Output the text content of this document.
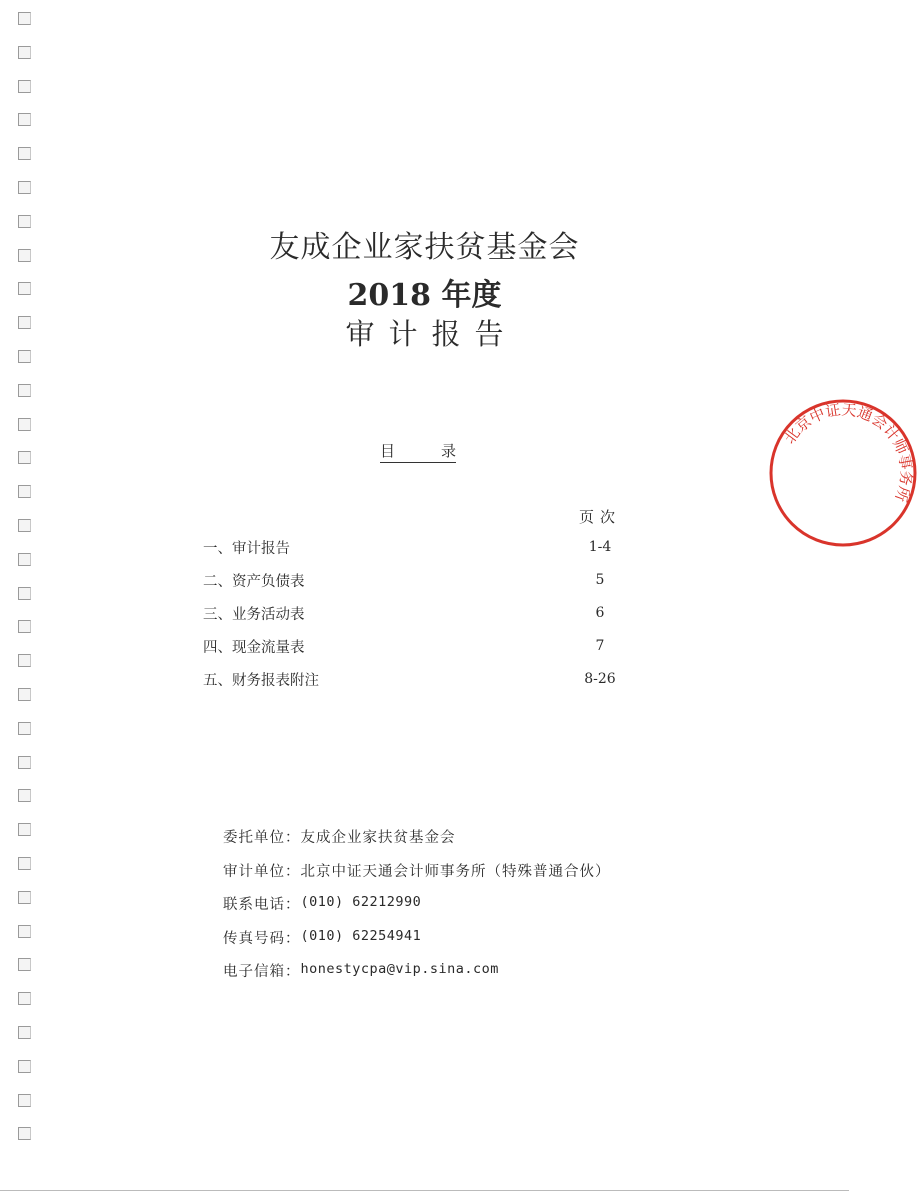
友成企业家扶贫基金会
2018 年度
审计报告
目	录
页次
一、审计报告	1-4
二、资产负债表	5
三、业务活动表	6
四、现金流量表	7
五、财务报表附注	8-26
委托单位： 友成企业家扶贫基金会
审计单位： 北京中证天通会计师事务所（特殊普通合伙）
联系电话： (010) 62212990
传真号码： (010) 62254941
电子信箱： honestycpa@vip.sina.com
北京中证天通会计师事务所
